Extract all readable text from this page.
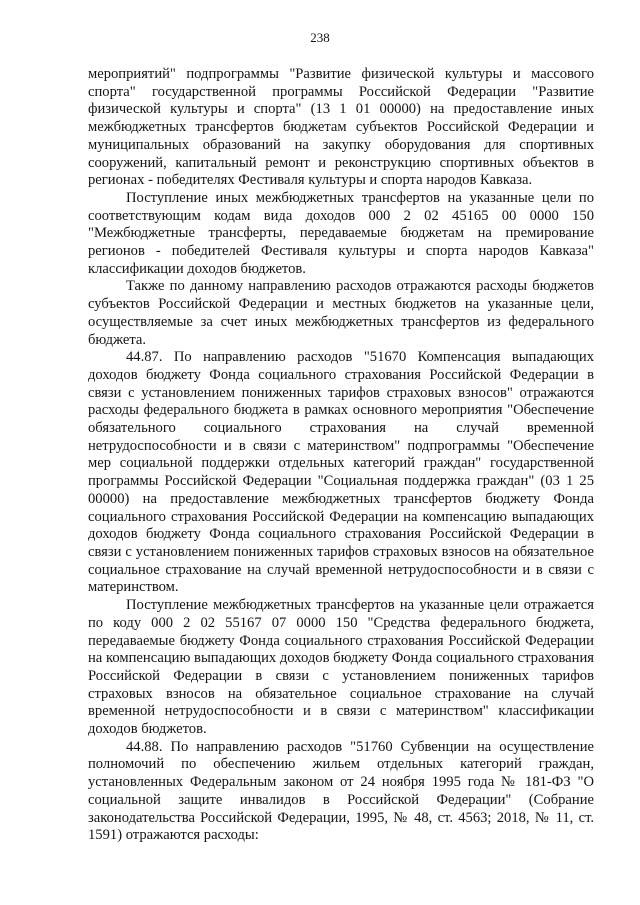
238

мероприятий" подпрограммы "Развитие физической культуры и массового спорта" государственной программы Российской Федерации "Развитие физической культуры и спорта" (13 1 01 00000) на предоставление иных межбюджетных трансфертов бюджетам субъектов Российской Федерации и муниципальных образований на закупку оборудования для спортивных сооружений, капитальный ремонт и реконструкцию спортивных объектов в регионах - победителях Фестиваля культуры и спорта народов Кавказа.

Поступление иных межбюджетных трансфертов на указанные цели по соответствующим кодам вида доходов 000 2 02 45165 00 0000 150 "Межбюджетные трансферты, передаваемые бюджетам на премирование регионов - победителей Фестиваля культуры и спорта народов Кавказа" классификации доходов бюджетов.

Также по данному направлению расходов отражаются расходы бюджетов субъектов Российской Федерации и местных бюджетов на указанные цели, осуществляемые за счет иных межбюджетных трансфертов из федерального бюджета.

44.87. По направлению расходов "51670 Компенсация выпадающих доходов бюджету Фонда социального страхования Российской Федерации в связи с установлением пониженных тарифов страховых взносов" отражаются расходы федерального бюджета в рамках основного мероприятия "Обеспечение обязательного социального страхования на случай временной нетрудоспособности и в связи с материнством" подпрограммы "Обеспечение мер социальной поддержки отдельных категорий граждан" государственной программы Российской Федерации "Социальная поддержка граждан" (03 1 25 00000) на предоставление межбюджетных трансфертов бюджету Фонда социального страхования Российской Федерации на компенсацию выпадающих доходов бюджету Фонда социального страхования Российской Федерации в связи с установлением пониженных тарифов страховых взносов на обязательное социальное страхование на случай временной нетрудоспособности и в связи с материнством.

Поступление межбюджетных трансфертов на указанные цели отражается по коду 000 2 02 55167 07 0000 150 "Средства федерального бюджета, передаваемые бюджету Фонда социального страхования Российской Федерации на компенсацию выпадающих доходов бюджету Фонда социального страхования Российской Федерации в связи с установлением пониженных тарифов страховых взносов на обязательное социальное страхование на случай временной нетрудоспособности и в связи с материнством" классификации доходов бюджетов.

44.88. По направлению расходов "51760 Субвенции на осуществление полномочий по обеспечению жильем отдельных категорий граждан, установленных Федеральным законом от 24 ноября 1995 года № 181-ФЗ "О социальной защите инвалидов в Российской Федерации" (Собрание законодательства Российской Федерации, 1995, № 48, ст. 4563; 2018, № 11, ст. 1591) отражаются расходы:
